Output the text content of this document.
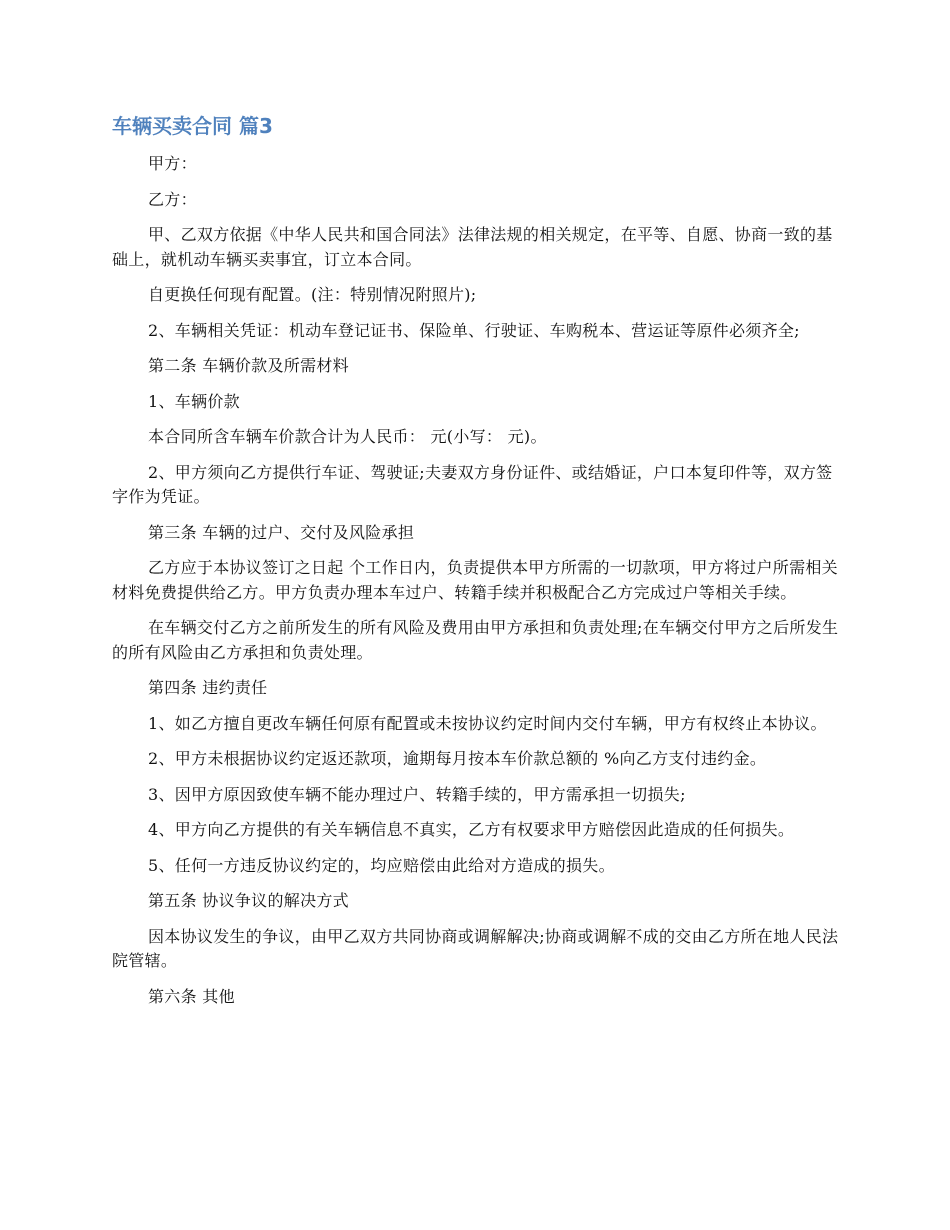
车辆买卖合同 篇3

甲方：

乙方：

甲、乙双方依据《中华人民共和国合同法》法律法规的相关规定，在平等、自愿、协商一致的基础上，就机动车辆买卖事宜，订立本合同。

自更换任何现有配置。(注：特别情况附照片);

2、车辆相关凭证：机动车登记证书、保险单、行驶证、车购税本、营运证等原件必须齐全;

第二条 车辆价款及所需材料

1、车辆价款

本合同所含车辆车价款合计为人民币： 元(小写： 元)。

2、甲方须向乙方提供行车证、驾驶证;夫妻双方身份证件、或结婚证，户口本复印件等，双方签字作为凭证。

第三条 车辆的过户、交付及风险承担

乙方应于本协议签订之日起 个工作日内，负责提供本甲方所需的一切款项，甲方将过户所需相关材料免费提供给乙方。甲方负责办理本车过户、转籍手续并积极配合乙方完成过户等相关手续。

在车辆交付乙方之前所发生的所有风险及费用由甲方承担和负责处理;在车辆交付甲方之后所发生的所有风险由乙方承担和负责处理。

第四条 违约责任

1、如乙方擅自更改车辆任何原有配置或未按协议约定时间内交付车辆，甲方有权终止本协议。

2、甲方未根据协议约定返还款项，逾期每月按本车价款总额的 %向乙方支付违约金。

3、因甲方原因致使车辆不能办理过户、转籍手续的，甲方需承担一切损失;

4、甲方向乙方提供的有关车辆信息不真实，乙方有权要求甲方赔偿因此造成的任何损失。

5、任何一方违反协议约定的，均应赔偿由此给对方造成的损失。

第五条 协议争议的解决方式

因本协议发生的争议，由甲乙双方共同协商或调解解决;协商或调解不成的交由乙方所在地人民法院管辖。

第六条 其他
